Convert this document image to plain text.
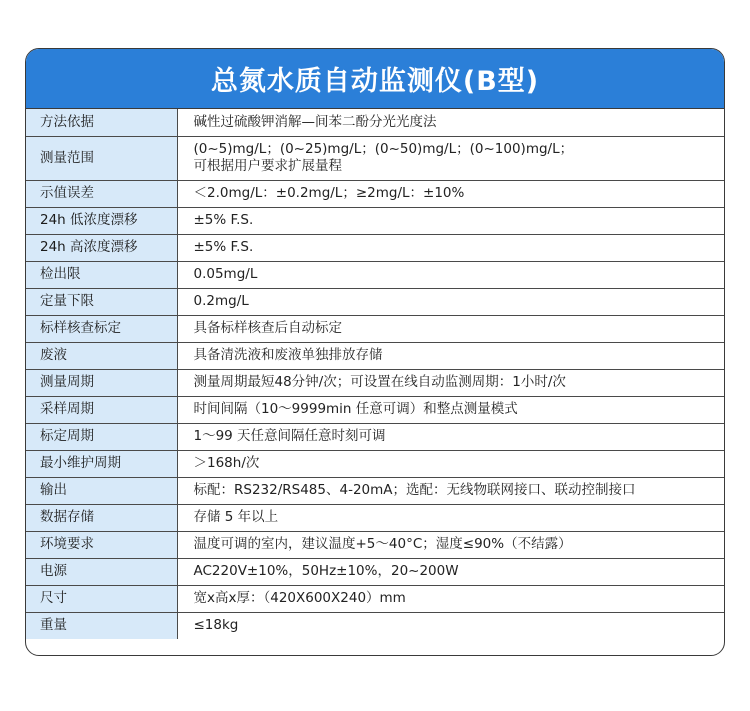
总氮水质自动监测仪(B型)
方法依据	碱性过硫酸钾消解—间苯二酚分光光度法

测量范围	(0~5)mg/L；(0~25)mg/L；(0~50)mg/L；(0~100)mg/L；
可根据用户要求扩展量程

示值误差	＜2.0mg/L：±0.2mg/L；≥2mg/L：±10%

24h 低浓度漂移	±5% F.S.

24h 高浓度漂移	±5% F.S.

检出限	0.05mg/L

定量下限	0.2mg/L

标样核查标定	具备标样核查后自动标定

废液	具备清洗液和废液单独排放存储

测量周期	测量周期最短48分钟/次；可设置在线自动监测周期：1小时/次

采样周期	时间间隔（10～9999min 任意可调）和整点测量模式

标定周期	1～99 天任意间隔任意时刻可调

最小维护周期	＞168h/次

输出	标配：RS232/RS485、4-20mA；选配：无线物联网接口、联动控制接口

数据存储	存储 5 年以上

环境要求	温度可调的室内，建议温度+5～40°C；湿度≤90%（不结露）

电源	AC220V±10%，50Hz±10%，20~200W

尺寸	宽x高x厚：（420X600X240）mm

重量	≤18kg
